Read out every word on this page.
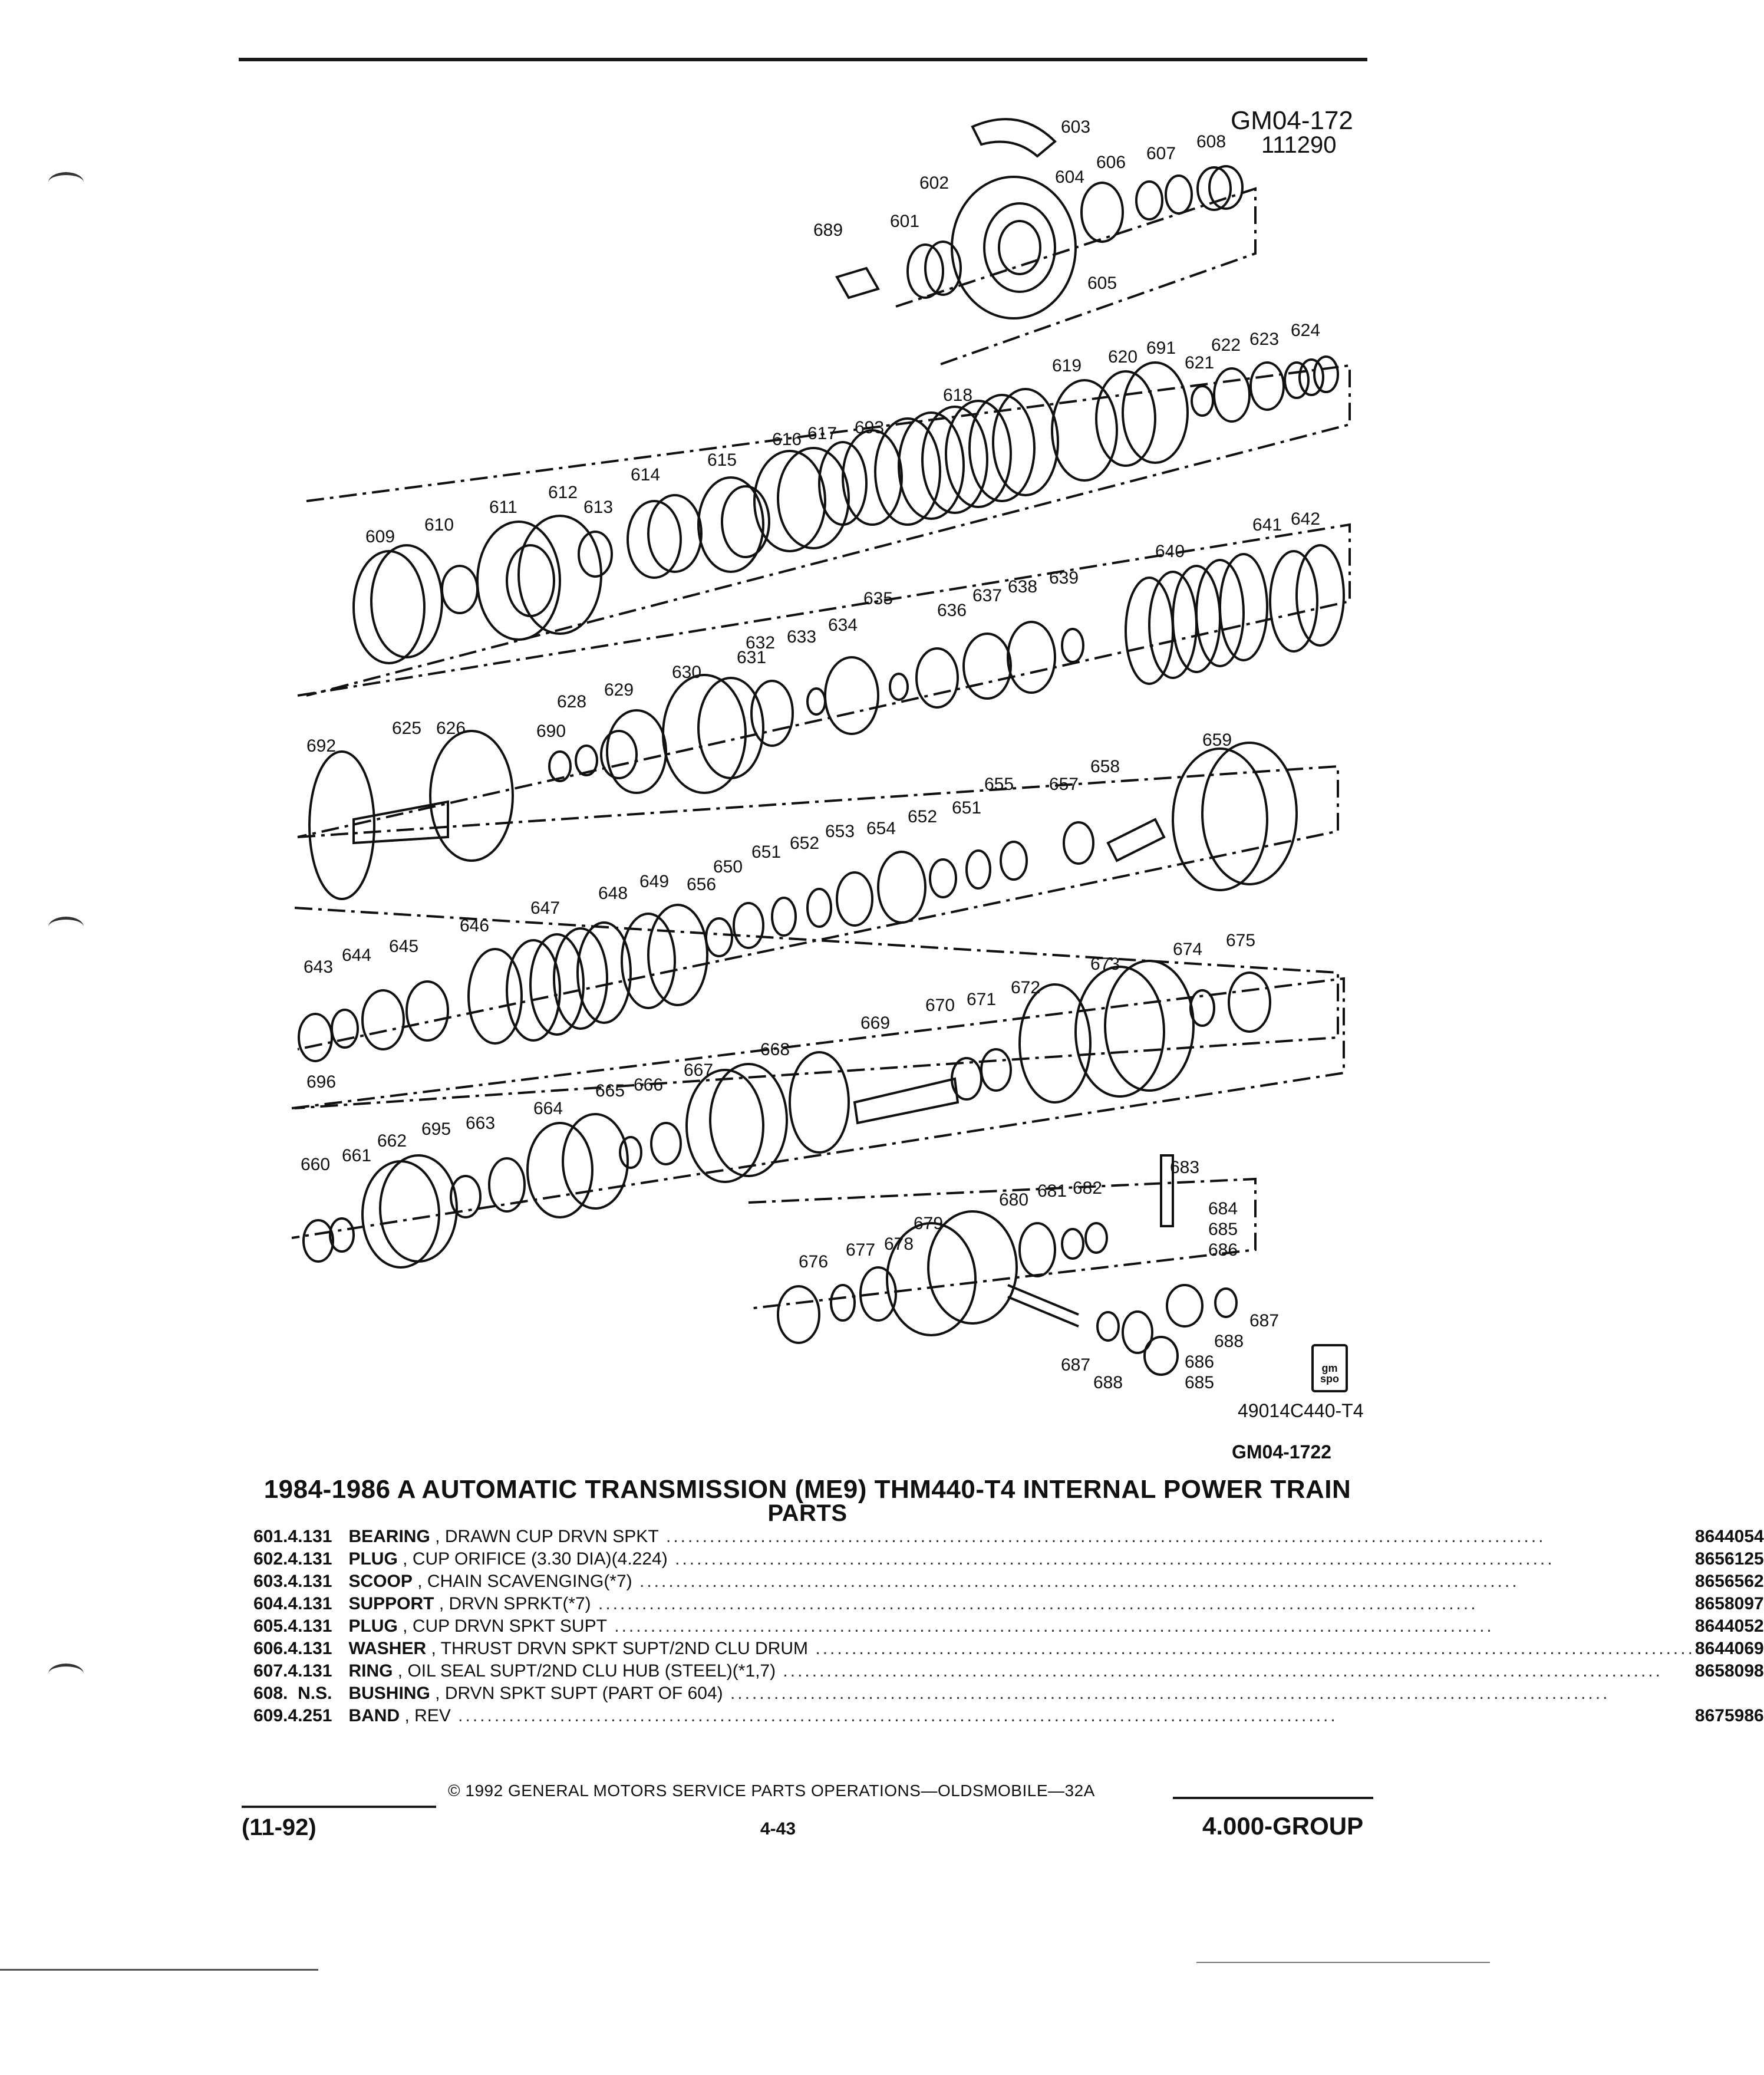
GM04-172
111290
603
602	604
606 607
608
601
689
605
619 620 691
621
622 623 624
618
616 617 693
615
614
612
613
611
610
609
640
641 642
635
636
637 638 639
634
633
632
631
630
629
628
625 626	690
692	659
658
657
655
651
652
654
653
652
651
650
656
649
648
647
646
645
644
643
696
675
674
673
672
671
670
669
668
667
666
665
664
663
695
662
661
660	683
684
685
686
682
681
680
679
678
677
676
687
688
686
687
688	685
gm spo
49014C440-T4
GM04-1722
1984-1986 A AUTOMATIC TRANSMISSION (ME9) THM440-T4 INTERNAL POWER TRAIN
PARTS
601.	4.131	BEARING , DRAWN CUP DRVN SPKT .........................................................................................................................	8644054
602.	4.131	PLUG , CUP ORIFICE (3.30 DIA)(4.224) .........................................................................................................................	8656125
603.	4.131	SCOOP , CHAIN SCAVENGING(*7) .........................................................................................................................	8656562
604.	4.131	SUPPORT , DRVN SPRKT(*7) .........................................................................................................................	8658097
605.	4.131	PLUG , CUP DRVN SPKT SUPT .........................................................................................................................	8644052
606.	4.131	WASHER , THRUST DRVN SPKT SUPT/2ND CLU DRUM .........................................................................................................................	8644069
607.	4.131	RING , OIL SEAL SUPT/2ND CLU HUB (STEEL)(*1,7) .........................................................................................................................	8658098
608.	N.S.	BUSHING , DRVN SPKT SUPT (PART OF 604) .........................................................................................................................	
609.	4.251	BAND , REV .........................................................................................................................	8675986
© 1992 GENERAL MOTORS SERVICE PARTS OPERATIONS—OLDSMOBILE—32A
(11-92)	4-43	4.000-GROUP
